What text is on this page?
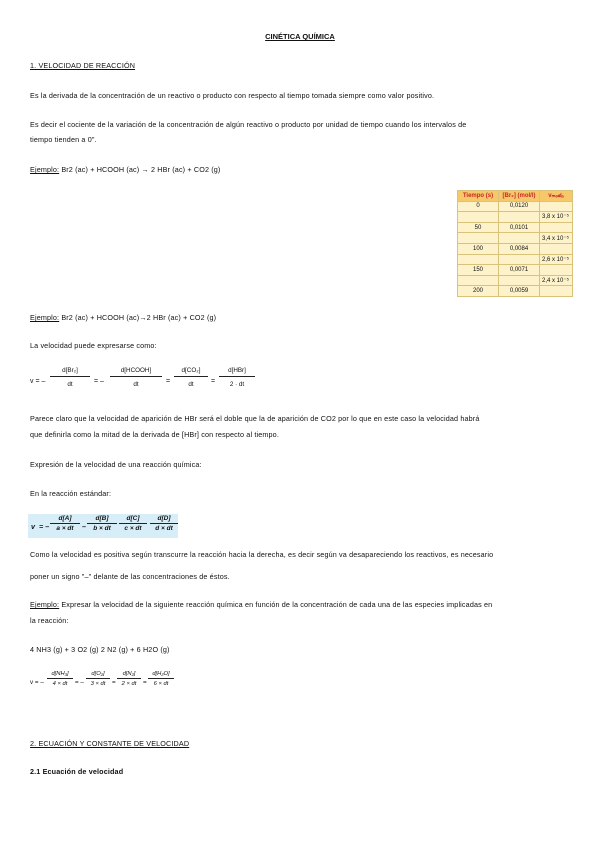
CINÉTICA QUÍMICA
1. VELOCIDAD DE REACCIÓN
Es la derivada de la concentración de un reactivo o producto con respecto al tiempo tomada siempre como valor positivo.
Es decir el cociente de la variación de la concentración de algún reactivo o producto por unidad de tiempo cuando los intervalos de
tiempo tienden a 0".
Ejemplo: Br2 (ac) + HCOOH (ac) → 2 HBr (ac) + CO2 (g)
Tiempo (s)	[Br₂] (mol/l)	vₘₑ𝒹ᵢₐ
0	0,0120	
		3,8 x 10⁻⁵
50	0,0101	
		3,4 x 10⁻⁵
100	0,0084	
		2,6 x 10⁻⁵
150	0,0071	
		2,4 x 10⁻⁵
200	0,0059	
Ejemplo: Br2 (ac) + HCOOH (ac)→2 HBr (ac) + CO2 (g)
La velocidad puede expresarse como:
v = – $\frac{\text{d[Br₂]}}{dt}$ = –
d[HCOOH]
dt	= $\frac{\text{d[CO₂]}}{dt}$ =
d[HBr]
2 · dt
Parece claro que la velocidad de aparición de HBr será el doble que la de aparición de CO2 por lo que en este caso la velocidad habrá
que definirla como la mitad de la derivada de [HBr] con respecto al tiempo.
Expresión de la velocidad de una reacción química:
En la reacción estándar:
v = – $\frac{d[A]}{a \times dt} - \frac{d[B]}{b \times dt} \frac{d[C]}{c \times dt} \frac{d[D]}{d \times dt}$
Como la velocidad es positiva según transcurre la reacción hacia la derecha, es decir según va desapareciendo los reactivos, es necesario
poner un signo "–" delante de las concentraciones de éstos.
Ejemplo: Expresar la velocidad de la siguiente reacción química en función de la concentración de cada una de las especies implicadas en
la reacción:
4 NH3 (g) + 3 O2 (g) 2 N2 (g) + 6 H2O (g)
v = – $\frac{\text{d[NH₃]}}{4 \times dt}$ = – $\frac{\text{d[O₂]}}{3 \times dt} = \frac{\text{d[N₂]}}{2 \times dt} = \frac{\text{d[H₂O]}}{6 \times dt}$
2. ECUACIÓN Y CONSTANTE DE VELOCIDAD
2.1 Ecuación de velocidad
